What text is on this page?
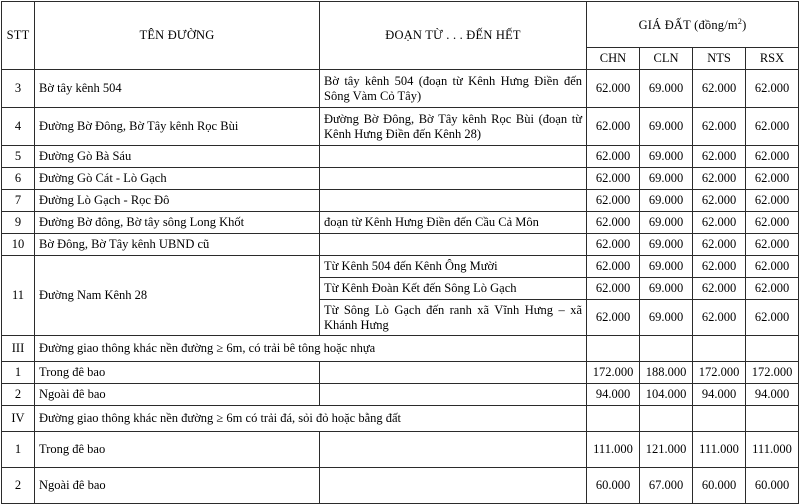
STT	TÊN ĐƯỜNG	ĐOẠN TỪ . . . ĐẾN HẾT	GIÁ ĐẤT $(đồng/m^2)$			
			CHN	CLN	NTS	RSX
3	Bờ tây kênh 504	Bờ tây kênh 504 (đoạn từ Kênh Hưng Điền đến Sông Vàm Cỏ Tây)	62.000	69.000	62.000	62.000
4	Đường Bờ Đông, Bờ Tây kênh Rọc Bùi	Đường Bờ Đông, Bờ Tây kênh Rọc Bùi (đoạn từ Kênh Hưng Điền đến Kênh 28)	62.000	69.000	62.000	62.000
5	Đường Gò Bà Sáu		62.000	69.000	62.000	62.000
6	Đường Gò Cát - Lò Gạch		62.000	69.000	62.000	62.000
7	Đường Lò Gạch - Rọc Đô		62.000	69.000	62.000	62.000
9	Đường Bờ đông, Bờ tây sông Long Khốt	đoạn từ Kênh Hưng Điền đến Cầu Cả Môn	62.000	69.000	62.000	62.000
10	Bờ Đông, Bờ Tây kênh UBND cũ		62.000	69.000	62.000	62.000
11	Đường Nam Kênh 28	Từ Kênh 504 đến Kênh Ông Mười	62.000	69.000	62.000	62.000
		Từ Kênh Đoàn Kết đến Sông Lò Gạch	62.000	69.000	62.000	62.000
		Từ Sông Lò Gạch đến ranh xã Vĩnh Hưng – xã Khánh Hưng	62.000	69.000	62.000	62.000
III	Đường giao thông khác nền đường ≥ 6m, có trải bê tông hoặc nhựa					
1	Trong đê bao		172.000	188.000	172.000	172.000
2	Ngoài đê bao		94.000	104.000	94.000	94.000
IV	Đường giao thông khác nền đường ≥ 6m có trải đá, sỏi đỏ hoặc bằng đất					
1	Trong đê bao		111.000	121.000	111.000	111.000
2	Ngoài đê bao		60.000	67.000	60.000	60.000
